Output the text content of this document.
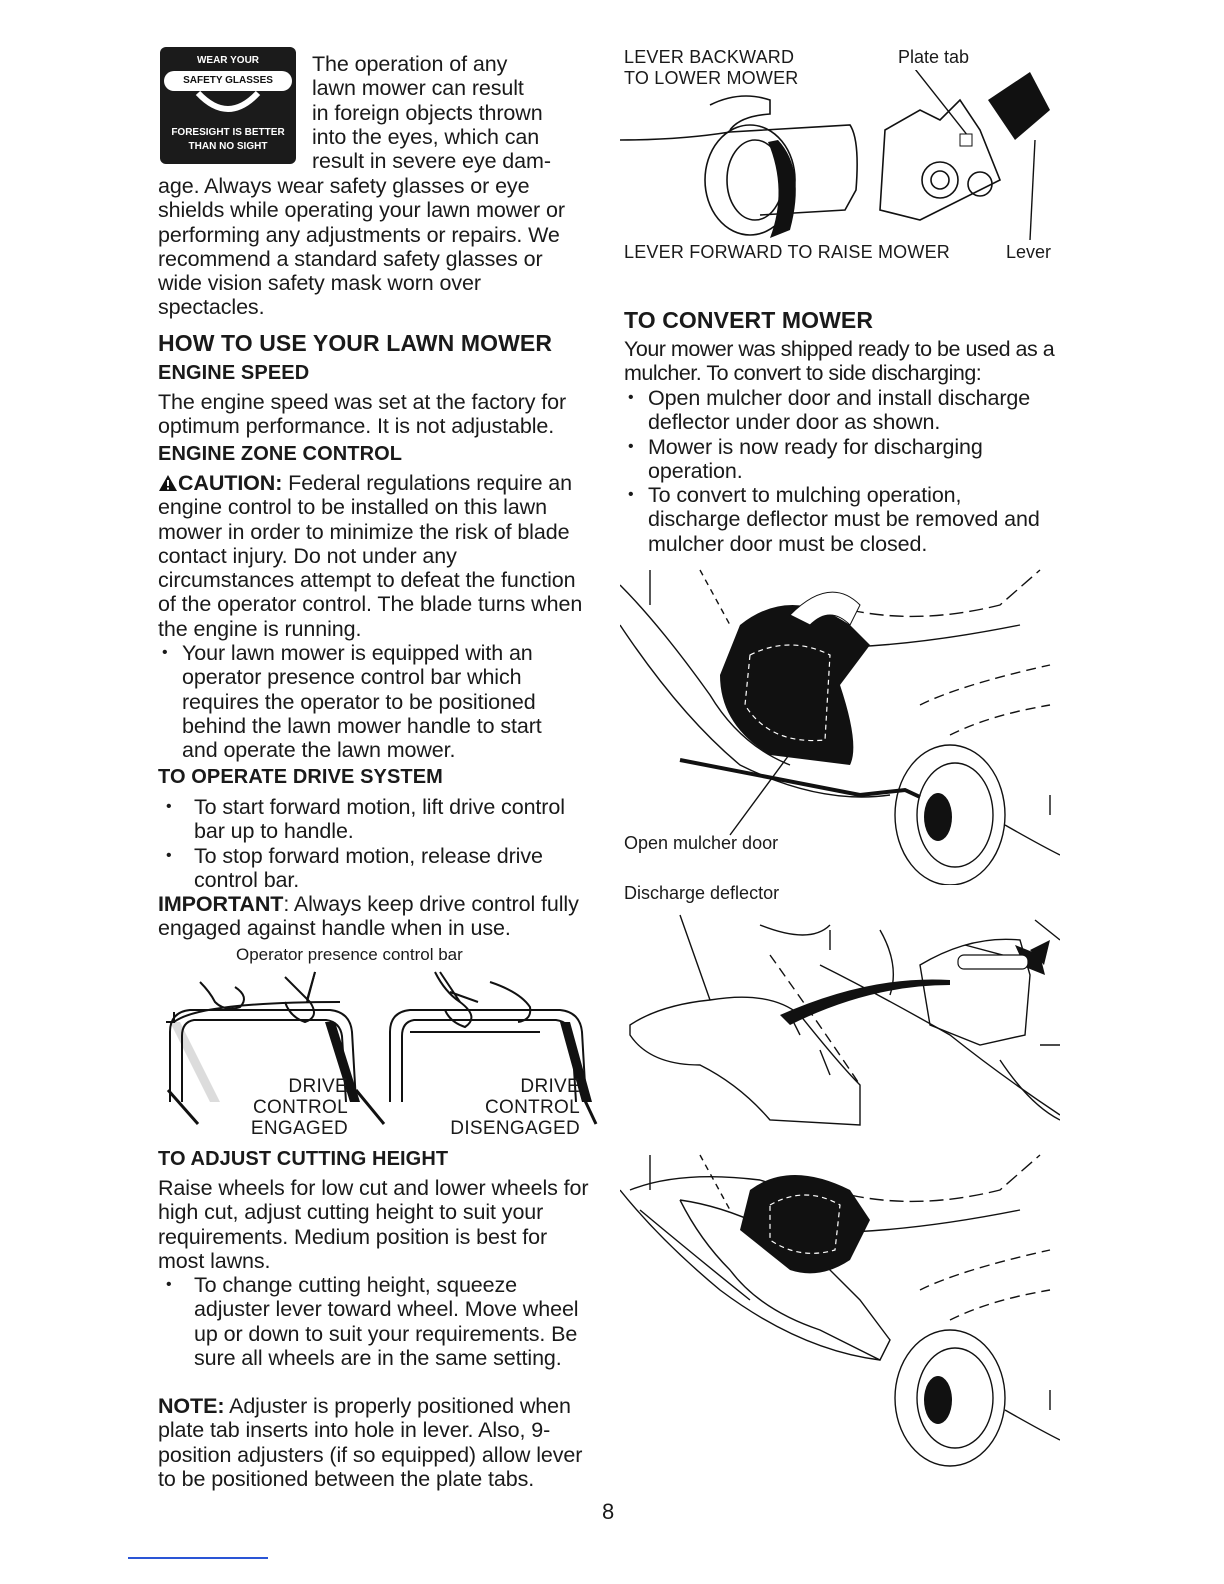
WEAR YOUR
SAFETY GLASSES
FORESIGHT IS BETTER
THAN NO SIGHT
The operation of any
lawn mower can result
in foreign objects thrown
into the eyes, which can
result in severe eye dam-
age. Always wear safety glasses or eye shields while operating your lawn mower or performing any adjustments or repairs. We recommend a standard safety glasses or wide vision safety mask worn over spectacles.
HOW TO USE YOUR LAWN MOWER
ENGINE SPEED
The engine speed was set at the factory for optimum performance. It is not adjustable.
ENGINE ZONE CONTROL
CAUTION: Federal regulations require an engine control to be installed on this lawn mower in order to minimize the risk of blade contact injury. Do not under any circumstances attempt to defeat the function of the operator control. The blade turns when the engine is running.
• Your lawn mower is equipped with an operator presence control bar which requires the operator to be positioned behind the lawn mower handle to start and operate the lawn mower.
TO OPERATE DRIVE SYSTEM
• To start forward motion, lift drive control bar up to handle.
• To stop forward motion, release drive control bar.
IMPORTANT: Always keep drive control fully engaged against handle when in use.
Operator presence control bar
DRIVE
CONTROL
ENGAGED
DRIVE
CONTROL
DISENGAGED
TO ADJUST CUTTING HEIGHT
Raise wheels for low cut and lower wheels for high cut, adjust cutting height to suit your requirements. Medium position is best for most lawns.
• To change cutting height, squeeze adjuster lever toward wheel. Move wheel up or down to suit your requirements. Be sure all wheels are in the same setting.
NOTE: Adjuster is properly positioned when plate tab inserts into hole in lever. Also, 9-position adjusters (if so equipped) allow lever to be positioned between the plate tabs.
8
LEVER BACKWARD
TO LOWER MOWER
Plate tab
LEVER FORWARD TO RAISE MOWER	Lever
TO CONVERT MOWER
Your mower was shipped ready to be used as a mulcher. To convert to side discharging:
• Open mulcher door and install discharge deflector under door as shown.
• Mower is now ready for discharging operation.
• To convert to mulching operation, discharge deflector must be removed and mulcher door must be closed.
Open mulcher door
Discharge deflector
